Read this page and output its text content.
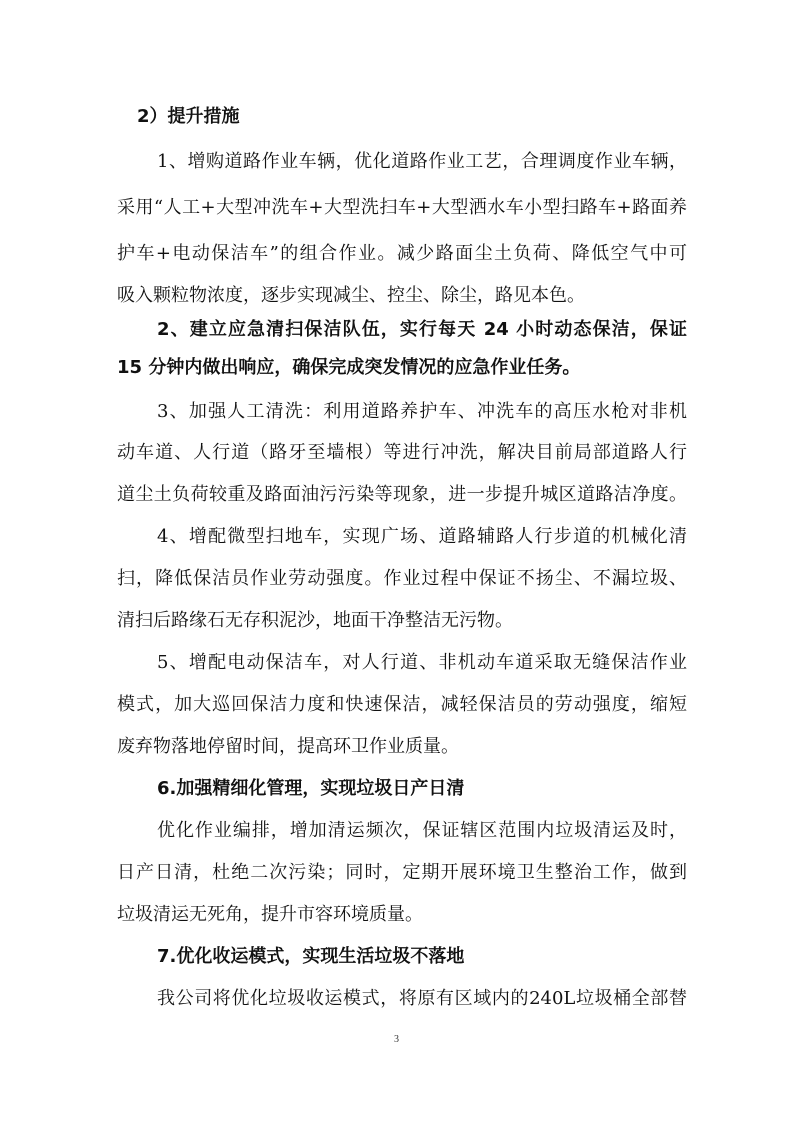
2）提升措施
1、增购道路作业车辆，优化道路作业工艺，合理调度作业车辆，
采用“人工+大型冲洗车+大型洗扫车+大型洒水车小型扫路车+路面养
护车+电动保洁车”的组合作业。减少路面尘土负荷、降低空气中可
吸入颗粒物浓度，逐步实现减尘、控尘、除尘，路见本色。
2、建立应急清扫保洁队伍，实行每天 24 小时动态保洁，保证
15 分钟内做出响应，确保完成突发情况的应急作业任务。
3、加强人工清洗：利用道路养护车、冲洗车的高压水枪对非机
动车道、人行道（路牙至墙根）等进行冲洗，解决目前局部道路人行
道尘土负荷较重及路面油污污染等现象，进一步提升城区道路洁净度。
4、增配微型扫地车，实现广场、道路辅路人行步道的机械化清
扫，降低保洁员作业劳动强度。作业过程中保证不扬尘、不漏垃圾、
清扫后路缘石无存积泥沙，地面干净整洁无污物。
5、增配电动保洁车，对人行道、非机动车道采取无缝保洁作业
模式，加大巡回保洁力度和快速保洁，减轻保洁员的劳动强度，缩短
废弃物落地停留时间，提高环卫作业质量。
6.加强精细化管理，实现垃圾日产日清
优化作业编排，增加清运频次，保证辖区范围内垃圾清运及时，
日产日清，杜绝二次污染；同时，定期开展环境卫生整治工作，做到
垃圾清运无死角，提升市容环境质量。
7.优化收运模式，实现生活垃圾不落地
我公司将优化垃圾收运模式，将原有区域内的240L垃圾桶全部替
3
